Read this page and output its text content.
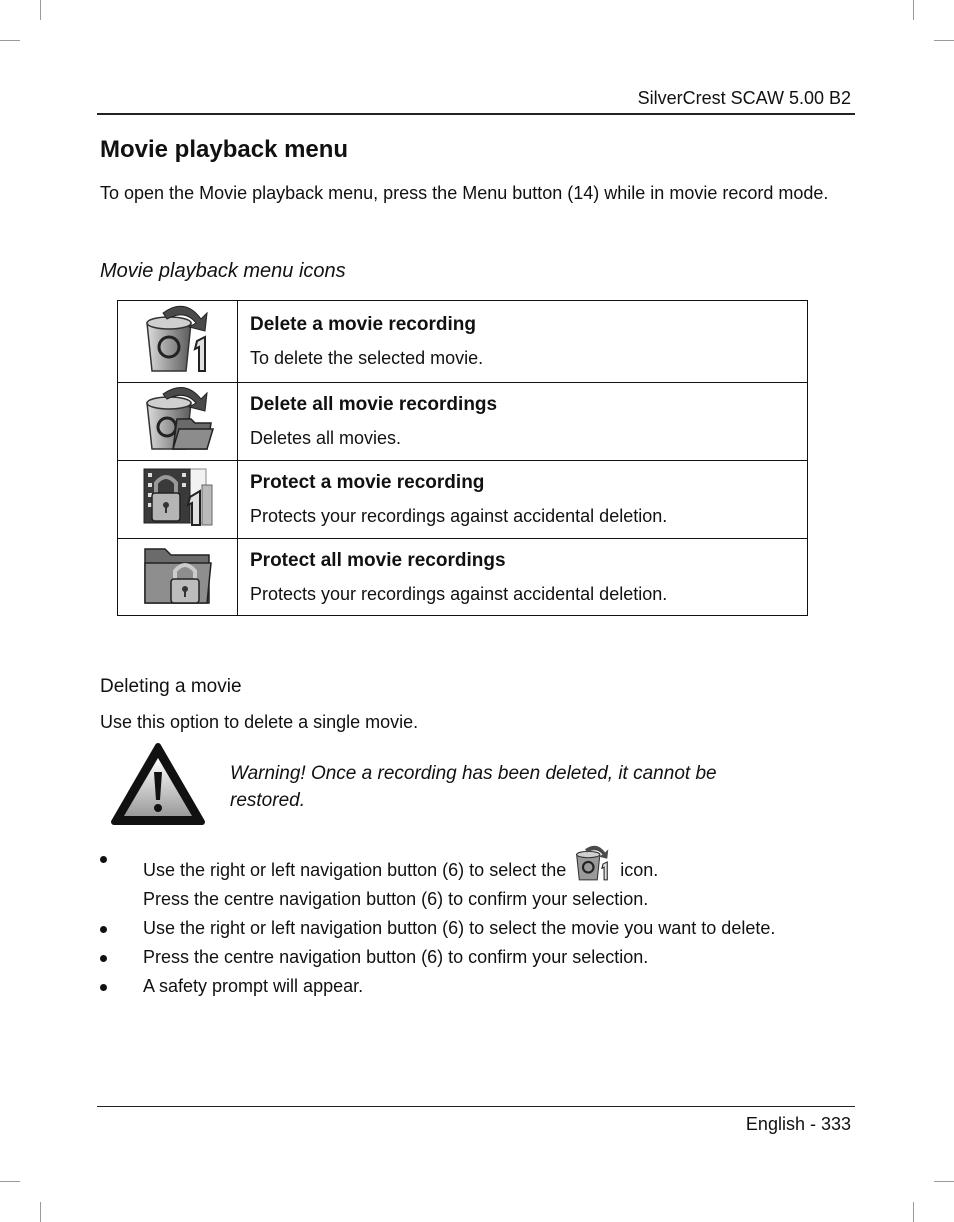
SilverCrest SCAW 5.00 B2
Movie playback menu
To open the Movie playback menu, press the Menu button (14) while in movie record mode.
Movie playback menu icons

Delete a movie recording
To delete the selected movie.

Delete all movie recordings
Deletes all movies.

Protect a movie recording
Protects your recordings against accidental deletion.

Protect all movie recordings
Protects your recordings against accidental deletion.
Deleting a movie
Use this option to delete a single movie.
Warning! Once a recording has been deleted, it cannot be restored.
Use the right or left navigation button (6) to select the	icon.
Press the centre navigation button (6) to confirm your selection.
Use the right or left navigation button (6) to select the movie you want to delete.
Press the centre navigation button (6) to confirm your selection.
A safety prompt will appear.
English - 333
